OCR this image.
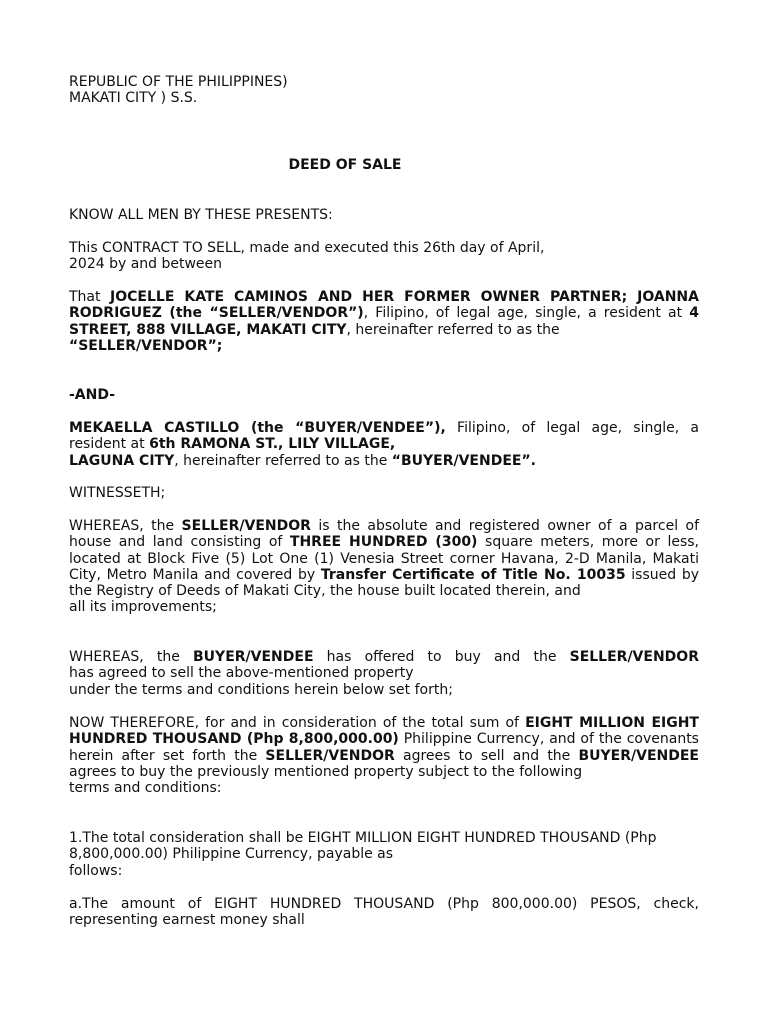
REPUBLIC OF THE PHILIPPINES)
MAKATI CITY ) S.S.
DEED OF SALE
KNOW ALL MEN BY THESE PRESENTS:
This CONTRACT TO SELL, made and executed this 26th day of April,
2024 by and between
That JOCELLE KATE CAMINOS AND HER FORMER OWNER PARTNER; JOANNA RODRIGUEZ (the “SELLER/VENDOR”), Filipino, of legal age, single, a resident at 4 STREET, 888 VILLAGE, MAKATI CITY, hereinafter referred to as the
“SELLER/VENDOR”;
-AND-
MEKAELLA CASTILLO (the “BUYER/VENDEE”), Filipino, of legal age, single, a resident at 6th RAMONA ST., LILY VILLAGE,
LAGUNA CITY, hereinafter referred to as the “BUYER/VENDEE”.
WITNESSETH;
WHEREAS, the SELLER/VENDOR is the absolute and registered owner of a parcel of house and land consisting of THREE HUNDRED (300) square meters, more or less, located at Block Five (5) Lot One (1) Venesia Street corner Havana, 2-D Manila, Makati City, Metro Manila and covered by Transfer Certificate of Title No. 10035 issued by the Registry of Deeds of Makati City, the house built located therein, and
all its improvements;
WHEREAS, the BUYER/VENDEE has offered to buy and the SELLER/VENDOR
has agreed to sell the above-mentioned property
under the terms and conditions herein below set forth;
NOW THEREFORE, for and in consideration of the total sum of EIGHT MILLION EIGHT HUNDRED THOUSAND (Php 8,800,000.00) Philippine Currency, and of the covenants herein after set forth the SELLER/VENDOR agrees to sell and the BUYER/VENDEE agrees to buy the previously mentioned property subject to the following
terms and conditions:
1.The total consideration shall be EIGHT MILLION EIGHT HUNDRED THOUSAND (Php 8,800,000.00) Philippine Currency, payable as
follows:
a.The amount of EIGHT HUNDRED THOUSAND (Php 800,000.00) PESOS, check, representing earnest money shall
